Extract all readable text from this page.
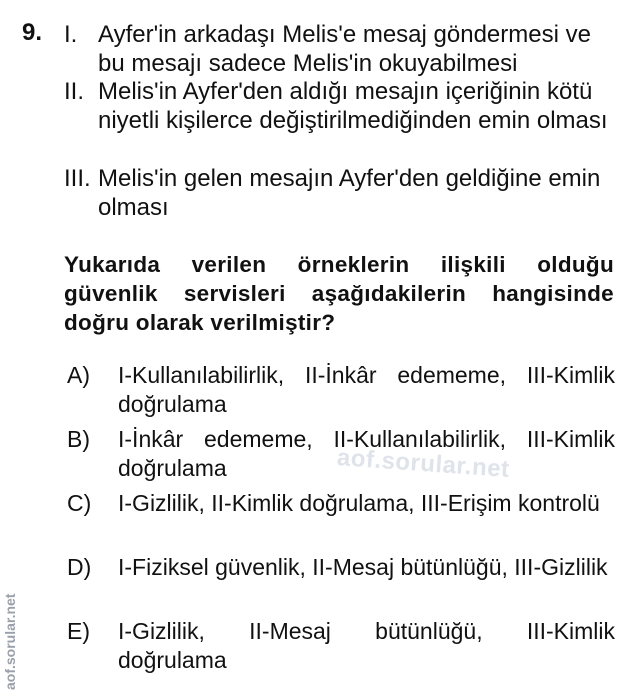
9. I. Ayfer'in arkadaşı Melis'e mesaj göndermesi ve bu mesajı sadece Melis'in okuyabilmesi
II. Melis'in Ayfer'den aldığı mesajın içeriğinin kötü niyetli kişilerce değiştirilmediğinden emin olması
III. Melis'in gelen mesajın Ayfer'den geldiğine emin olması
Yukarıda verilen örneklerin ilişkili olduğu güvenlik servisleri aşağıdakilerin hangisinde doğru olarak verilmiştir?
A) I-Kullanılabilirlik, II-İnkâr edememe, III-Kimlik doğrulama
B) I-İnkâr edememe, II-Kullanılabilirlik, III-Kimlik doğrulama
C) I-Gizlilik, II-Kimlik doğrulama, III-Erişim kontrolü
D) I-Fiziksel güvenlik, II-Mesaj bütünlüğü, III-Gizlilik
E) I-Gizlilik, II-Mesaj bütünlüğü, III-Kimlik doğrulama
aof.sorular.net
aof.sorular.net
